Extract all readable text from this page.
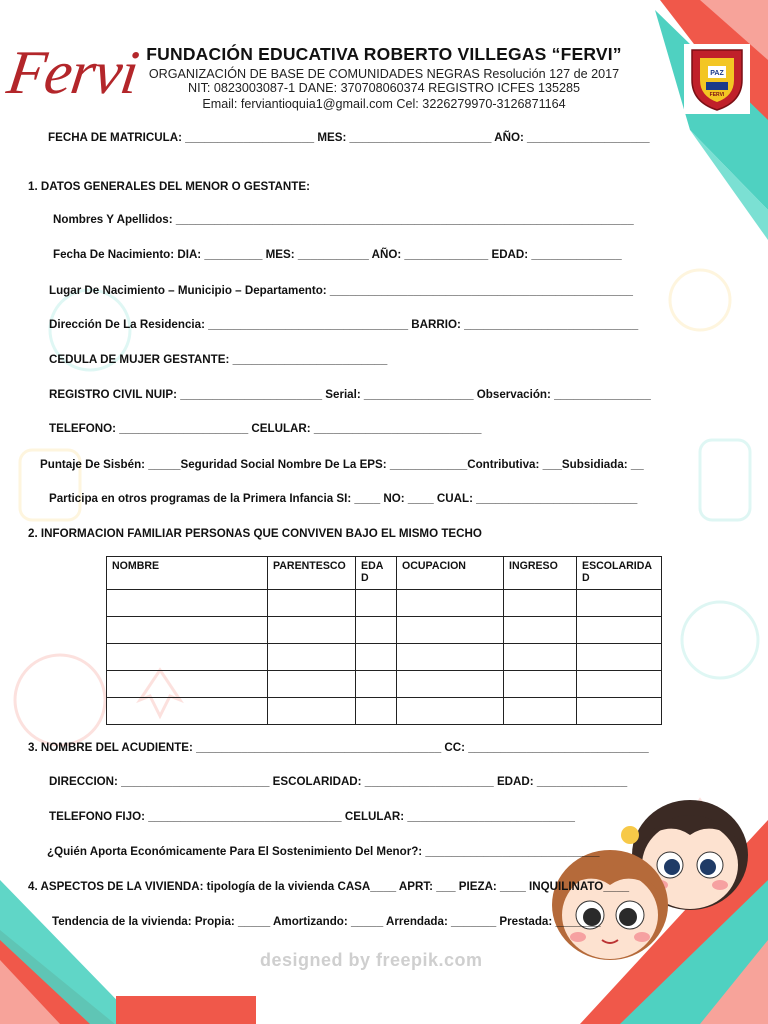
Fervi FUNDACIÓN EDUCATIVA ROBERTO VILLEGAS “FERVI”
ORGANIZACIÓN DE BASE DE COMUNIDADES NEGRAS Resolución 127 de 2017
NIT: 0823003087-1 DANE: 370708060374 REGISTRO ICFES 135285
Email: ferviantioquia1@gmail.com Cel: 3226279970-3126871164
PAZ
FERVI
FECHA DE MATRICULA: ____________________ MES: ______________________ AÑO: ___________________
1. DATOS GENERALES DEL MENOR O GESTANTE:
Nombres Y Apellidos: _______________________________________________________________________
Fecha De Nacimiento: DIA: _________ MES: ___________ AÑO: _____________ EDAD: ______________
Lugar De Nacimiento – Municipio – Departamento: _______________________________________________
Dirección De La Residencia: _______________________________ BARRIO: ___________________________
CEDULA DE MUJER GESTANTE: ________________________
REGISTRO CIVIL NUIP: ______________________ Serial: _________________ Observación: _______________
TELEFONO: ____________________ CELULAR: __________________________
Puntaje De Sisbén: _____Seguridad Social Nombre De La EPS: ____________Contributiva: ___Subsidiada: __
Participa en otros programas de la Primera Infancia SI: ____ NO: ____ CUAL: _________________________
2. INFORMACION FAMILIAR PERSONAS QUE CONVIVEN BAJO EL MISMO TECHO
NOMBRE	PARENTESCO	EDAD	OCUPACION	INGRESO	ESCOLARIDAD

3. NOMBRE DEL ACUDIENTE: ______________________________________ CC: ____________________________
DIRECCION: _______________________ ESCOLARIDAD: ____________________ EDAD: ______________
TELEFONO FIJO: ______________________________ CELULAR: __________________________
¿Quién Aporta Económicamente Para El Sostenimiento Del Menor?: ___________________________
4. ASPECTOS DE LA VIVIENDA: tipología de la vivienda CASA____ APRT: ___ PIEZA: ____ INQUILINATO____
Tendencia de la vivienda: Propia: _____ Amortizando: _____ Arrendada: _______ Prestada: _______
designed by freepik.com
